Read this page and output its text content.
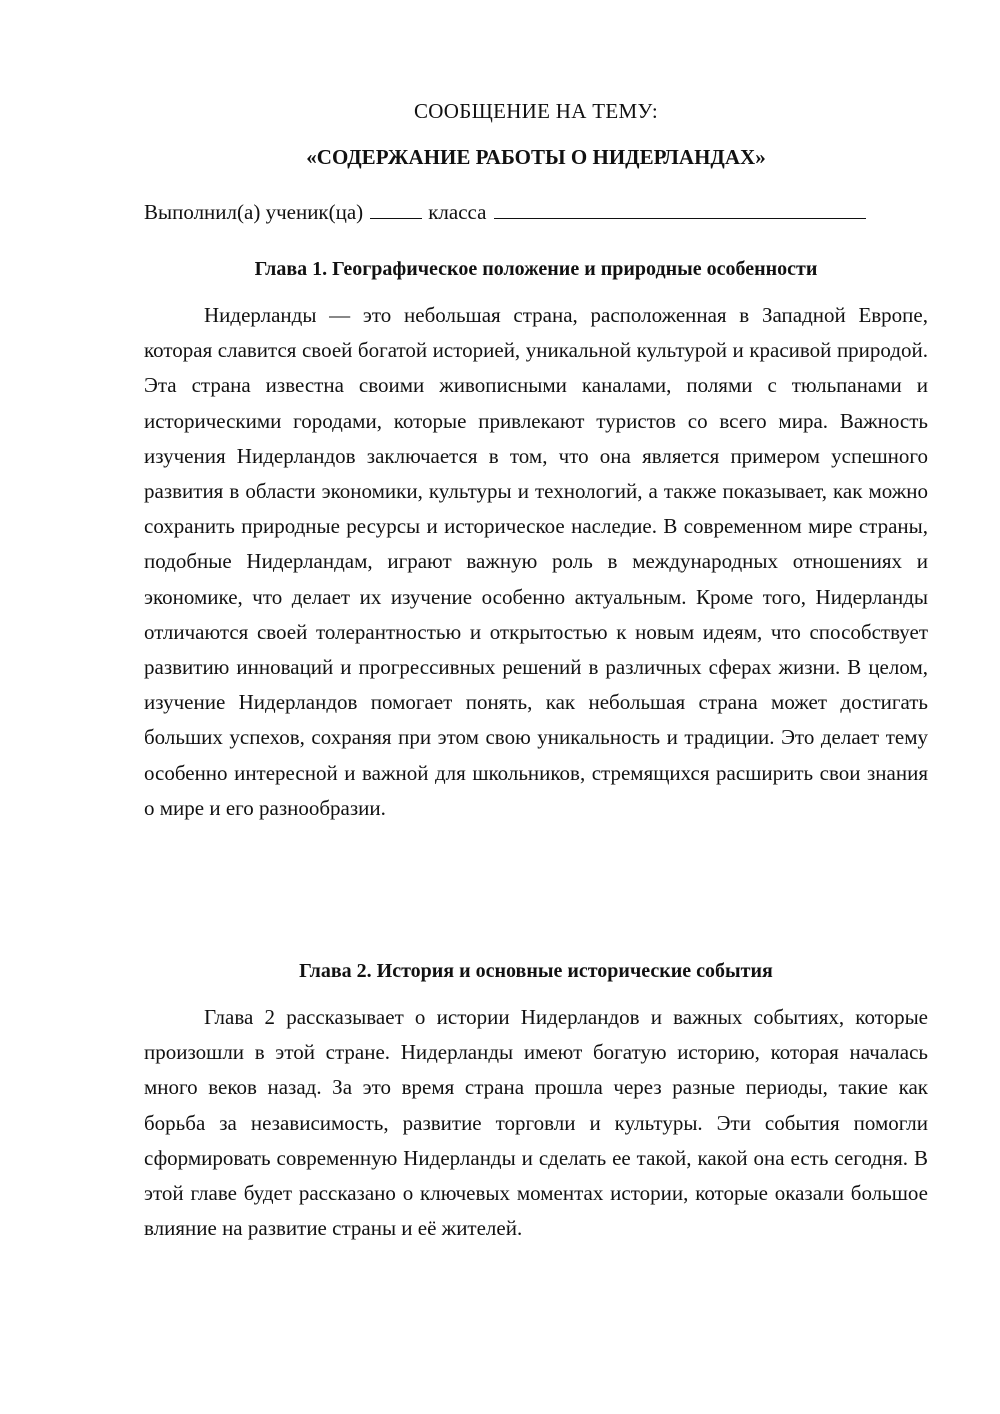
СООБЩЕНИЕ НА ТЕМУ:

«СОДЕРЖАНИЕ РАБОТЫ О НИДЕРЛАНДАХ»

Выполнил(а) ученик(ца)	класса
Глава 1. Географическое положение и природные особенности

Нидерланды — это небольшая страна, расположенная в Западной Европе, которая славится своей богатой историей, уникальной культурой и красивой природой. Эта страна известна своими живописными каналами, полями с тюльпанами и историческими городами, которые привлекают туристов со всего мира. Важность изучения Нидерландов заключается в том, что она является примером успешного развития в области экономики, культуры и технологий, а также показывает, как можно сохранить природные ресурсы и историческое наследие. В современном мире страны, подобные Нидерландам, играют важную роль в международных отношениях и экономике, что делает их изучение особенно актуальным. Кроме того, Нидерланды отличаются своей толерантностью и открытостью к новым идеям, что способствует развитию инноваций и прогрессивных решений в различных сферах жизни. В целом, изучение Нидерландов помогает понять, как небольшая страна может достигать больших успехов, сохраняя при этом свою уникальность и традиции. Это делает тему особенно интересной и важной для школьников, стремящихся расширить свои знания о мире и его разнообразии.

Глава 2. История и основные исторические события

Глава 2 рассказывает о истории Нидерландов и важных событиях, которые произошли в этой стране. Нидерланды имеют богатую историю, которая началась много веков назад. За это время страна прошла через разные периоды, такие как борьба за независимость, развитие торговли и культуры. Эти события помогли сформировать современную Нидерланды и сделать ее такой, какой она есть сегодня. В этой главе будет рассказано о ключевых моментах истории, которые оказали большое влияние на развитие страны и её жителей.
